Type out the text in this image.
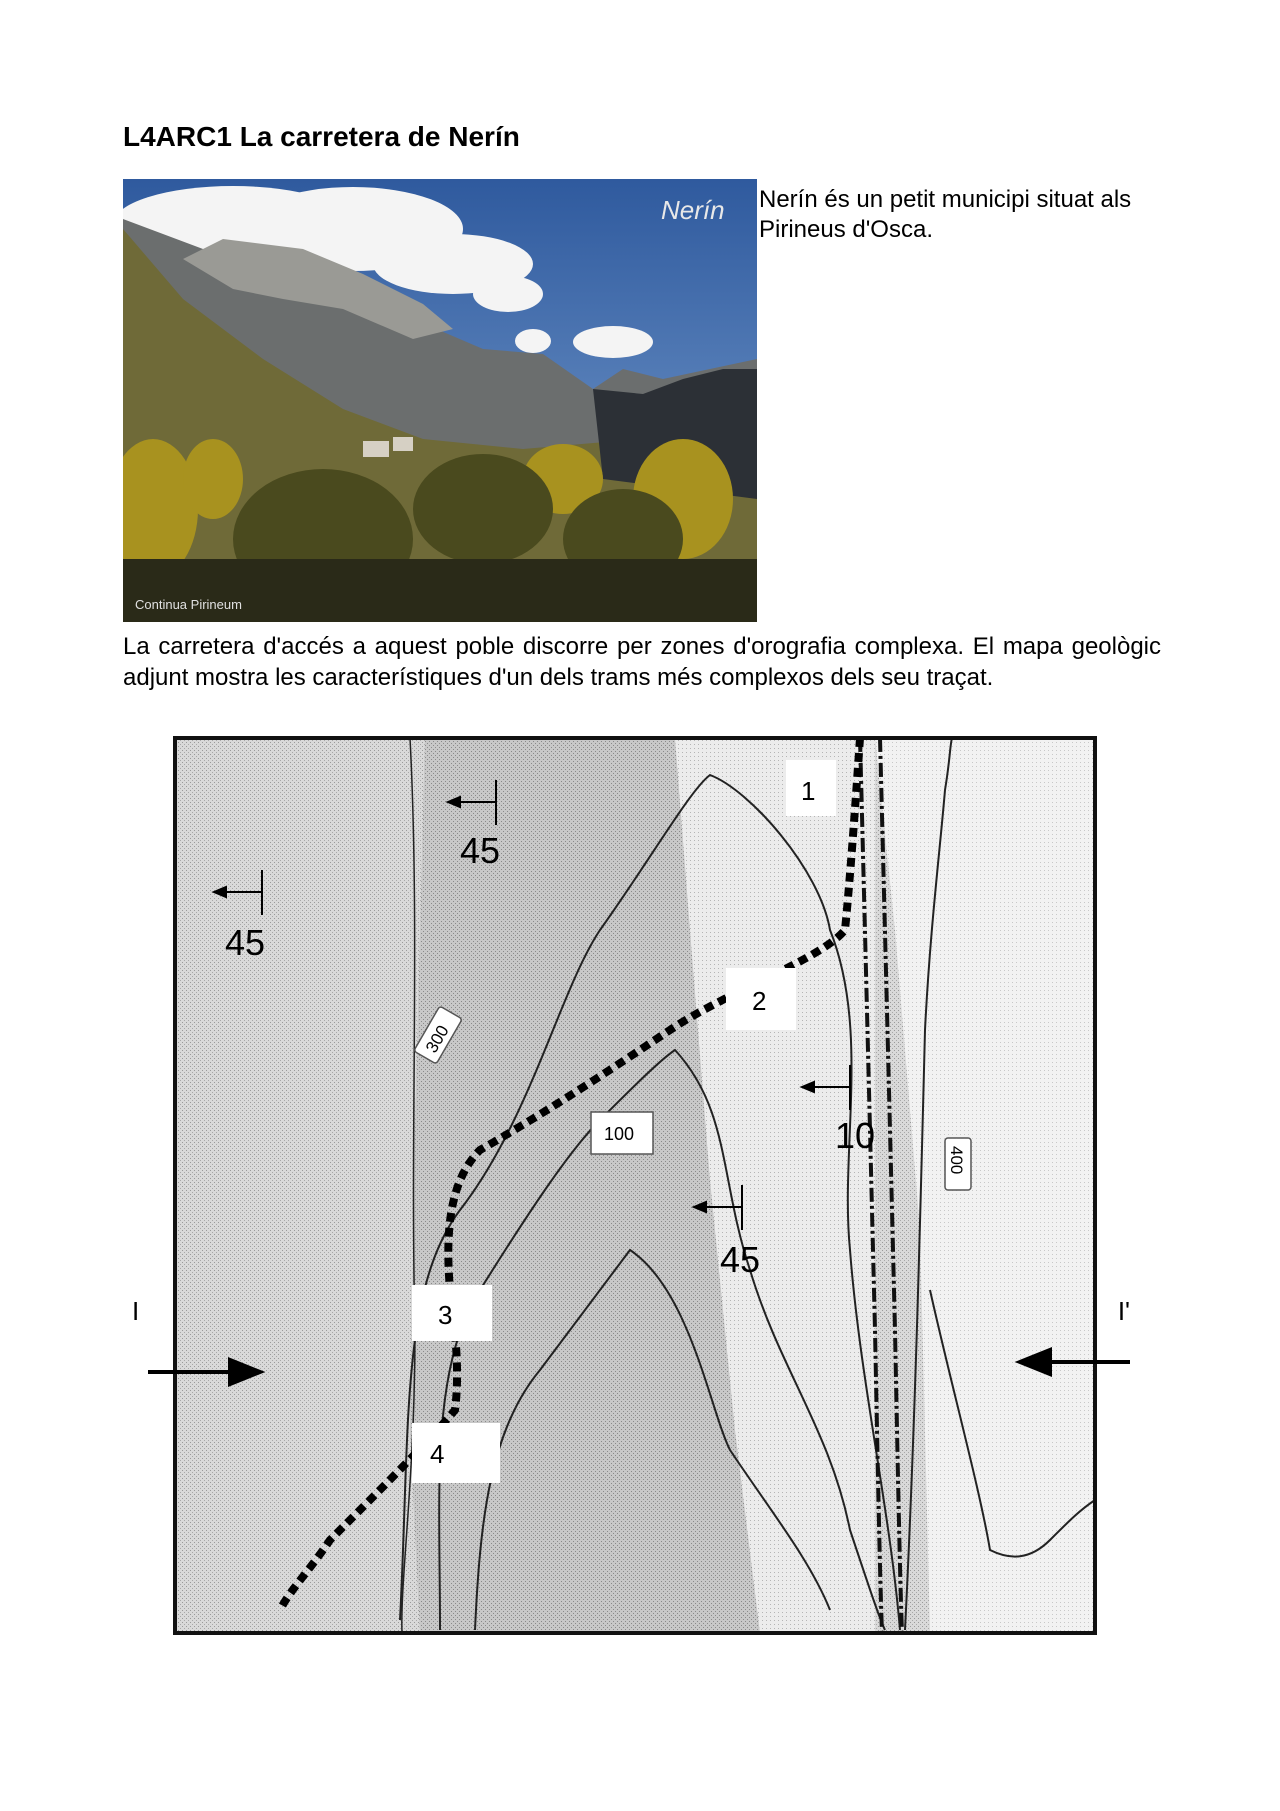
L4ARC1 La carretera de Nerín
Nerín
Continua Pirineum

Nerín és un petit municipi situat als Pirineus d'Osca.

La carretera d'accés a aquest poble discorre per zones d'orografia complexa. El mapa geològic adjunt mostra les característiques d'un dels trams més complexos dels seu traçat.

45
45
10
45
1
2
3
4
300
100
400
I	I'
